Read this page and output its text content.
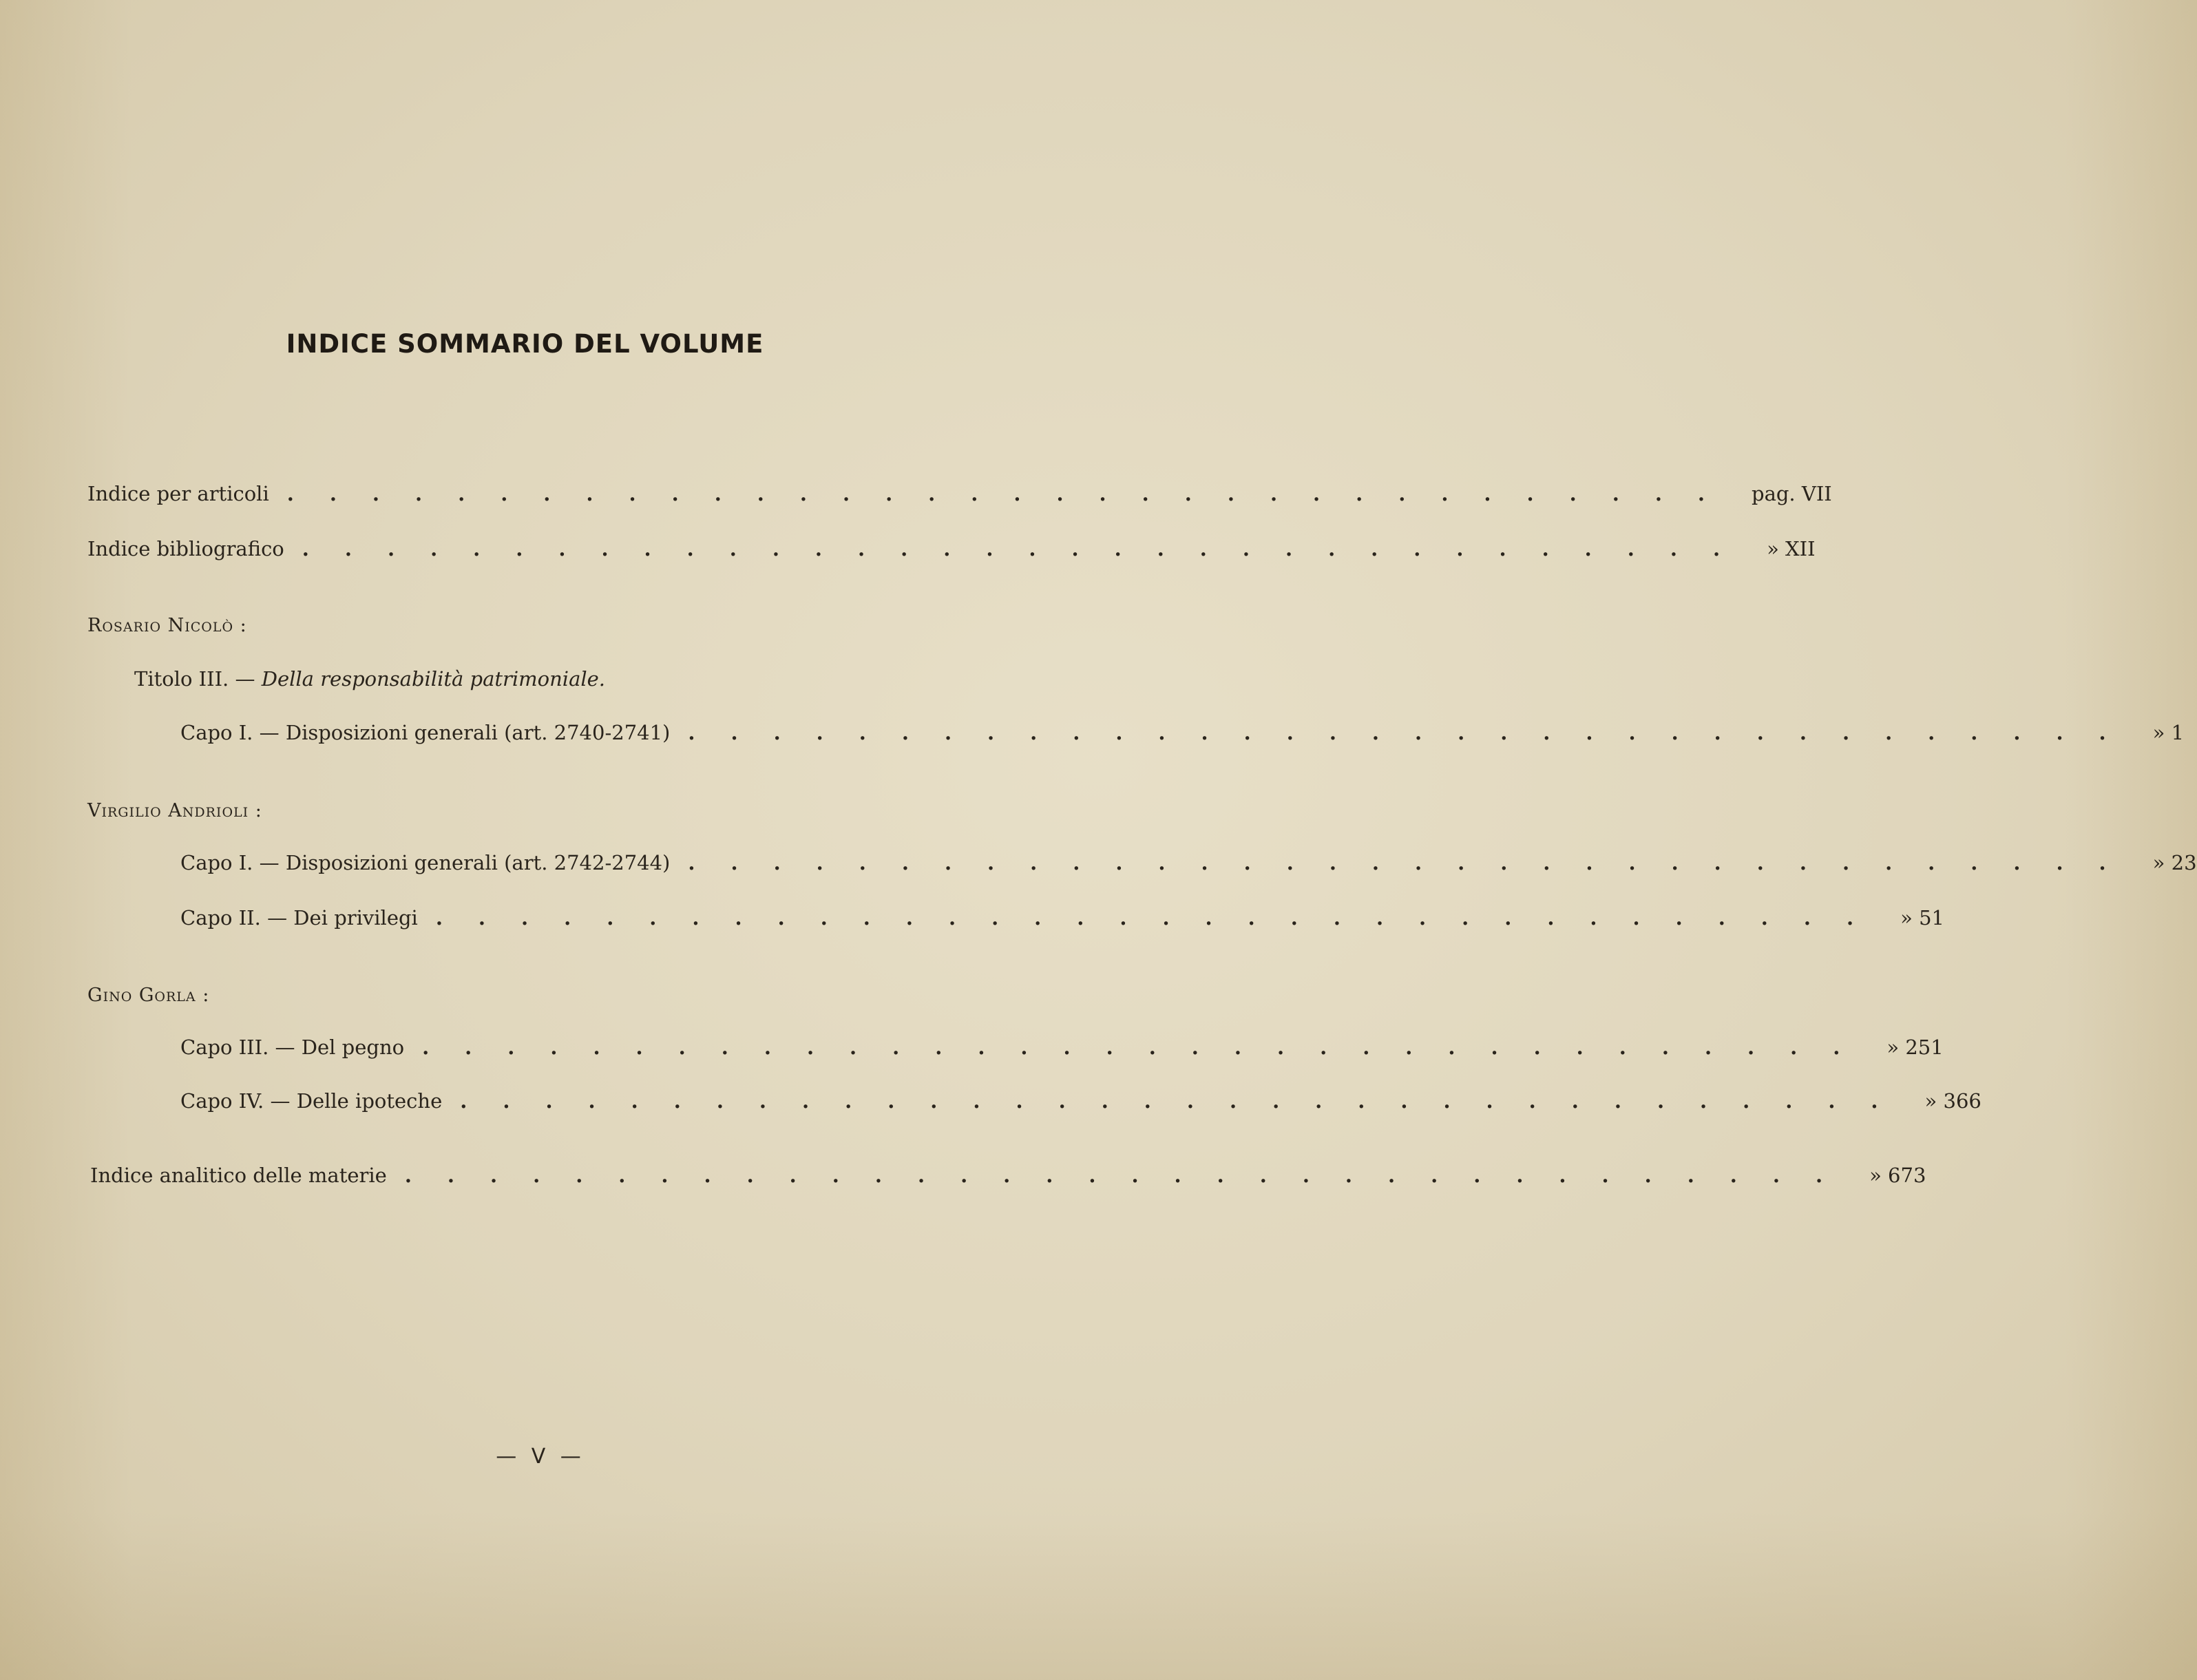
INDICE SOMMARIO DEL VOLUME
Indice per articoli .................................. pag. VII
Indice bibliografico .................................. » XII
Rosario Nicolò :
Titolo III. — Della responsabilità patrimoniale.
Capo I. — Disposizioni generali (art. 2740-2741) .................................. » 1
Virgilio Andrioli :
Capo I. — Disposizioni generali (art. 2742-2744) .................................. » 23
Capo II. — Dei privilegi .................................. » 51
Gino Gorla :
Capo III. — Del pegno .................................. » 251
Capo IV. — Delle ipoteche .................................. » 366
Indice analitico delle materie .................................. » 673
— V —
